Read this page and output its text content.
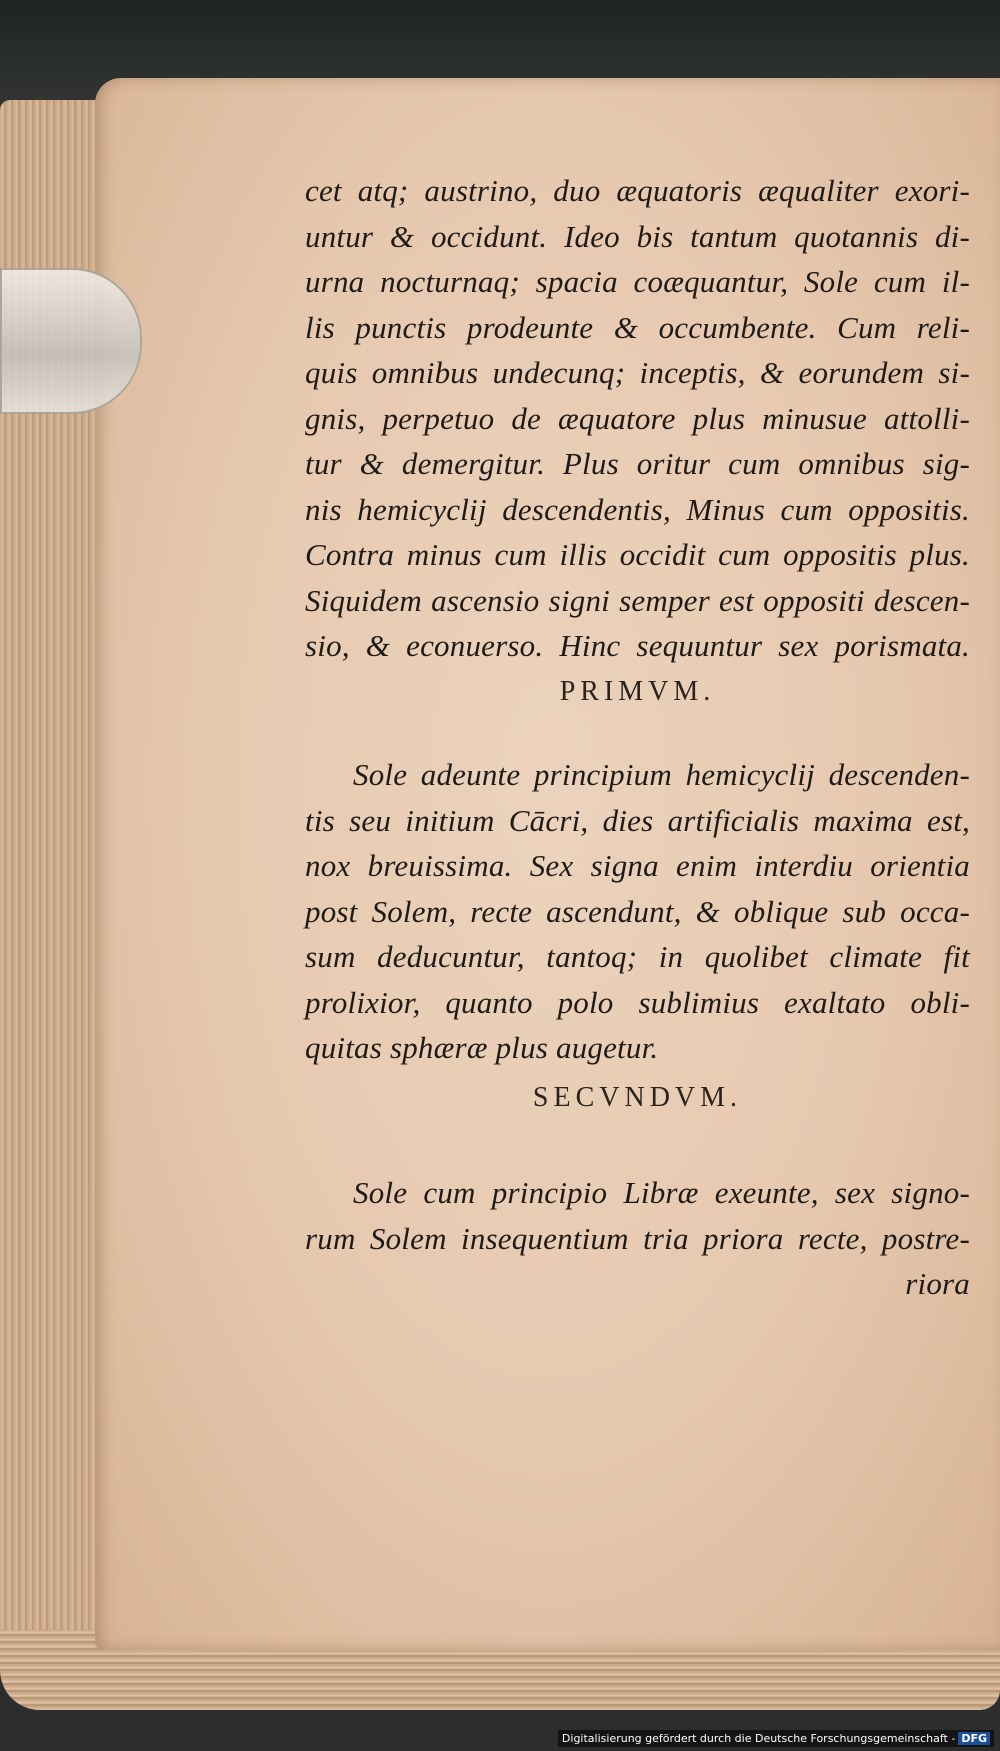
cet atq; austrino, duo æquatoris æqualiter exori-
untur & occidunt. Ideo bis tantum quotannis di-
urna nocturnaq; spacia coæquantur, Sole cum il-
lis punctis prodeunte & occumbente. Cum reli-
quis omnibus undecunq; inceptis, & eorundem si-
gnis, perpetuo de æquatore plus minusue attolli-
tur & demergitur. Plus oritur cum omnibus sig-
nis hemicyclij descendentis, Minus cum oppositis.
Contra minus cum illis occidit cum oppositis plus.
Siquidem ascensio signi semper est oppositi descen-
sio, & econuerso. Hinc sequuntur sex porismata.
PRIMVM.
Sole adeunte principium hemicyclij descenden-
tis seu initium Cācri, dies artificialis maxima est,
nox breuissima. Sex signa enim interdiu orientia
post Solem, recte ascendunt, & oblique sub occa-
sum deducuntur, tantoq; in quolibet climate fit
prolixior, quanto polo sublimius exaltato obli-
quitas sphæræ plus augetur.
SECVNDVM.
Sole cum principio Libræ exeunte, sex signo-
rum Solem insequentium tria priora recte, postre-
riora
Digitalisierung gefördert durch die Deutsche Forschungsgemeinschaft - DFG
